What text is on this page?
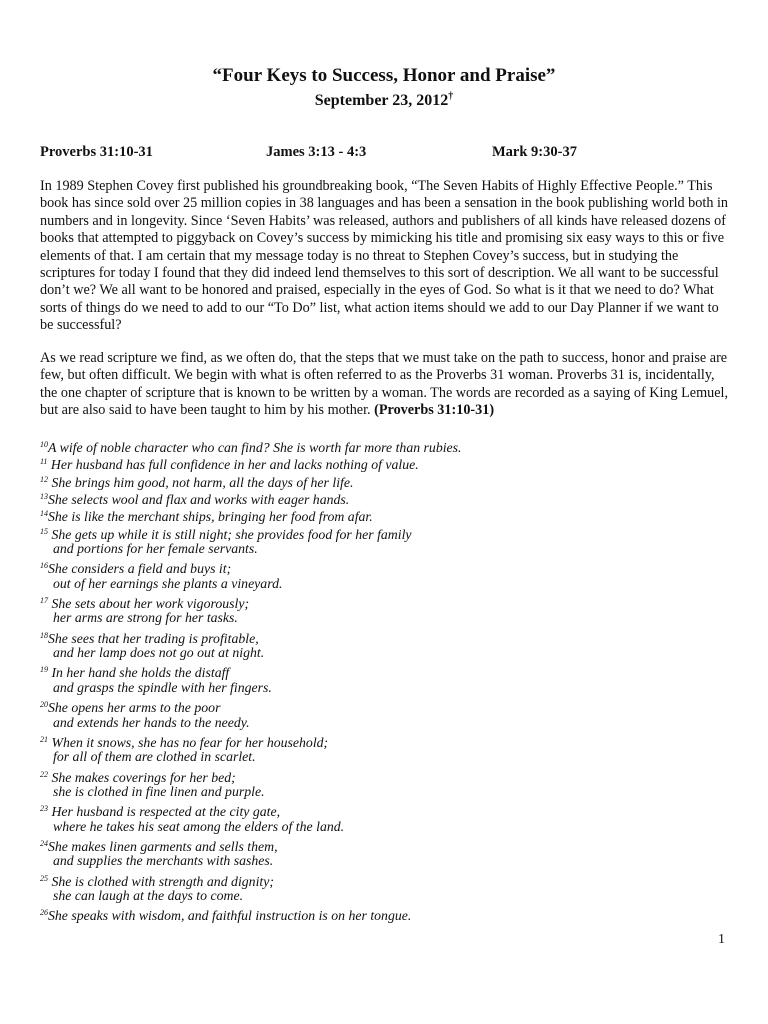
“Four Keys to Success, Honor and Praise”
September 23, 2012†
Proverbs 31:10-31	James 3:13 - 4:3	Mark 9:30-37

In 1989 Stephen Covey first published his groundbreaking book, “The Seven Habits of Highly Effective People.” This book has since sold over 25 million copies in 38 languages and has been a sensation in the book publishing world both in numbers and in longevity. Since ‘Seven Habits’ was released, authors and publishers of all kinds have released dozens of books that attempted to piggyback on Covey’s success by mimicking his title and promising six easy ways to this or five elements of that. I am certain that my message today is no threat to Stephen Covey’s success, but in studying the scriptures for today I found that they did indeed lend themselves to this sort of description. We all want to be successful don’t we? We all want to be honored and praised, especially in the eyes of God. So what is it that we need to do? What sorts of things do we need to add to our “To Do” list, what action items should we add to our Day Planner if we want to be successful?

As we read scripture we find, as we often do, that the steps that we must take on the path to success, honor and praise are few, but often difficult. We begin with what is often referred to as the Proverbs 31 woman. Proverbs 31 is, incidentally, the one chapter of scripture that is known to be written by a woman. The words are recorded as a saying of King Lemuel, but are also said to have been taught to him by his mother. (Proverbs 31:10-31)

$^{10}$A wife of noble character who can find? She is worth far more than rubies.
$^{11}$ Her husband has full confidence in her and lacks nothing of value.
$^{12}$ She brings him good, not harm, all the days of her life.
$^{13}$She selects wool and flax and works with eager hands.
$^{14}$She is like the merchant ships, bringing her food from afar.
$^{15}$ She gets up while it is still night; she provides food for her family
and portions for her female servants.
$^{16}$She considers a field and buys it;
out of her earnings she plants a vineyard.
$^{17}$ She sets about her work vigorously;
her arms are strong for her tasks.
$^{18}$She sees that her trading is profitable,
and her lamp does not go out at night.
$^{19}$ In her hand she holds the distaff
and grasps the spindle with her fingers.
$^{20}$She opens her arms to the poor
and extends her hands to the needy.
$^{21}$ When it snows, she has no fear for her household;
for all of them are clothed in scarlet.
$^{22}$ She makes coverings for her bed;
she is clothed in fine linen and purple.
$^{23}$ Her husband is respected at the city gate,
where he takes his seat among the elders of the land.
$^{24}$She makes linen garments and sells them,
and supplies the merchants with sashes.
$^{25}$ She is clothed with strength and dignity;
she can laugh at the days to come.
$^{26}$She speaks with wisdom, and faithful instruction is on her tongue.
1
